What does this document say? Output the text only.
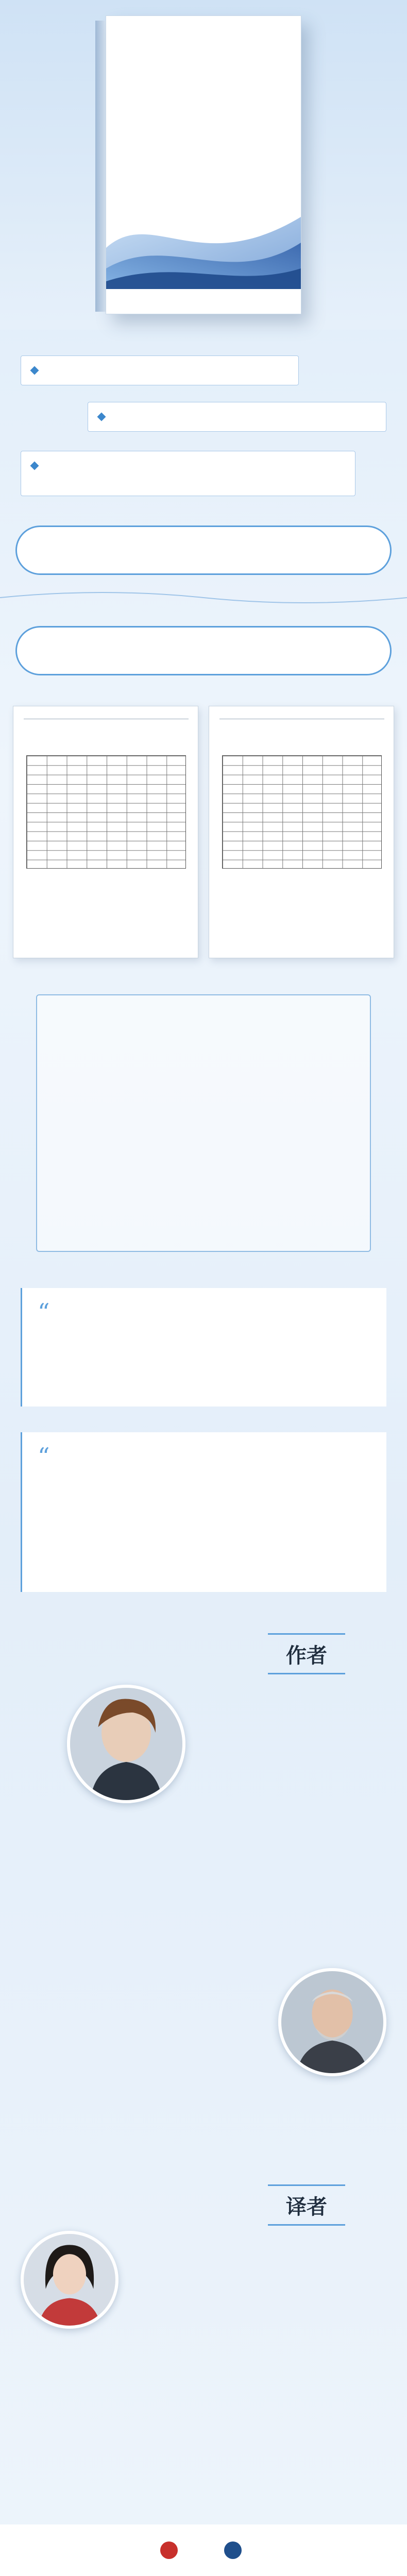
“
“
作者
译者
